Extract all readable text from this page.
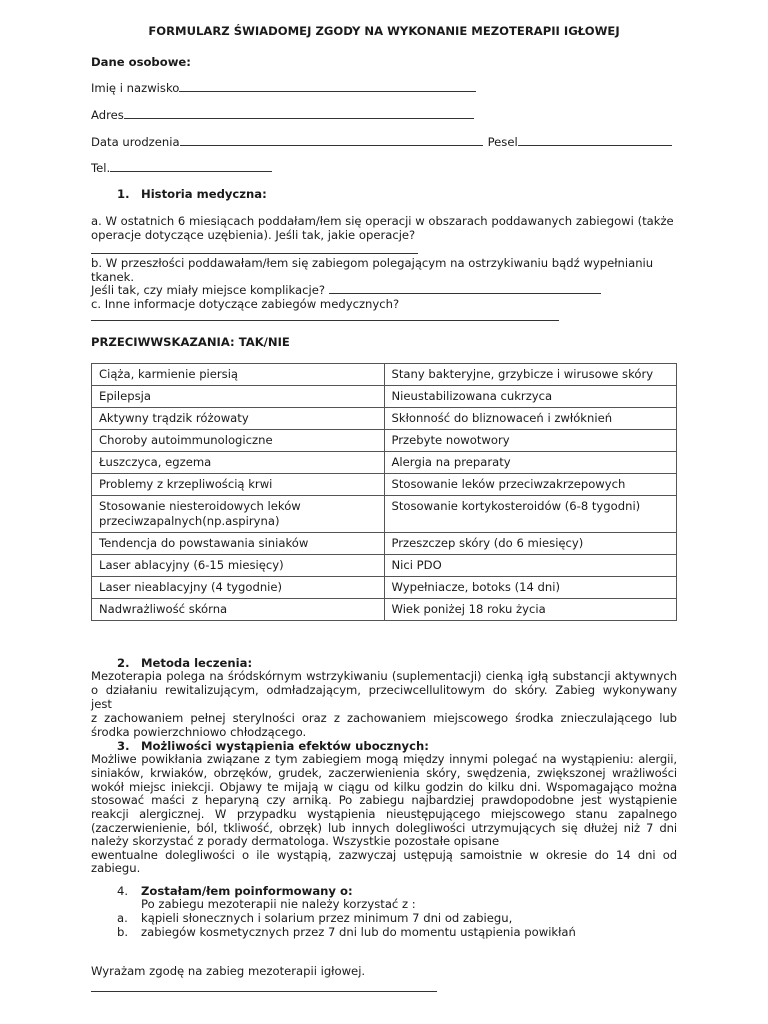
FORMULARZ ŚWIADOMEJ ZGODY NA WYKONANIE MEZOTERAPII IGŁOWEJ
Dane osobowe:
Imię i nazwisko
Adres
Data urodzenia	Pesel
Tel.
1. Historia medyczna:
a. W ostatnich 6 miesiącach poddałam/łem się operacji w obszarach poddawanych zabiegowi (także
operacje dotyczące uzębienia). Jeśli tak, jakie operacje?
b. W przeszłości poddawałam/łem się zabiegom polegającym na ostrzykiwaniu bądź wypełnianiu
tkanek.
Jeśli tak, czy miały miejsce komplikacje?
c. Inne informacje dotyczące zabiegów medycznych?
PRZECIWWSKAZANIA: TAK/NIE
Ciąża, karmienie piersią	Stany bakteryjne, grzybicze i wirusowe skóry
Epilepsja	Nieustabilizowana cukrzyca
Aktywny trądzik różowaty	Skłonność do bliznowaceń i zwłóknień
Choroby autoimmunologiczne	Przebyte nowotwory
Łuszczyca, egzema	Alergia na preparaty
Problemy z krzepliwością krwi	Stosowanie leków przeciwzakrzepowych
Stosowanie niesteroidowych leków przeciwzapalnych(np.aspiryna)	Stosowanie kortykosteroidów (6-8 tygodni)
Tendencja do powstawania siniaków	Przeszczep skóry (do 6 miesięcy)
Laser ablacyjny (6-15 miesięcy)	Nici PDO
Laser nieablacyjny (4 tygodnie)	Wypełniacze, botoks (14 dni)
Nadwrażliwość skórna	Wiek poniżej 18 roku życia
2. Metoda leczenia:
Mezoterapia polega na śródskórnym wstrzykiwaniu (suplementacji) cienką igłą substancji aktywnych
o działaniu rewitalizującym, odmładzającym, przeciwcellulitowym do skóry. Zabieg wykonywany
jest
z zachowaniem pełnej sterylności oraz z zachowaniem miejscowego środka znieczulającego lub
środka powierzchniowo chłodzącego.
3. Możliwości wystąpienia efektów ubocznych:
Możliwe powikłania związane z tym zabiegiem mogą między innymi polegać na wystąpieniu: alergii,
siniaków, krwiaków, obrzęków, grudek, zaczerwienienia skóry, swędzenia, zwiększonej wrażliwości
wokół miejsc iniekcji. Objawy te mijają w ciągu od kilku godzin do kilku dni. Wspomagająco można
stosować maści z heparyną czy arniką. Po zabiegu najbardziej prawdopodobne jest wystąpienie
reakcji alergicznej. W przypadku wystąpienia nieustępującego miejscowego stanu zapalnego
(zaczerwienienie, ból, tkliwość, obrzęk) lub innych dolegliwości utrzymujących się dłużej niż 7 dni
należy skorzystać z porady dermatologa. Wszystkie pozostałe opisane
ewentualne dolegliwości o ile wystąpią, zazwyczaj ustępują samoistnie w okresie do 14 dni od
zabiegu.
4. Zostałam/łem poinformowany o:
Po zabiegu mezoterapii nie należy korzystać z :
a. kąpieli słonecznych i solarium przez minimum 7 dni od zabiegu,
b. zabiegów kosmetycznych przez 7 dni lub do momentu ustąpienia powikłań
Wyrażam zgodę na zabieg mezoterapii igłowej.
